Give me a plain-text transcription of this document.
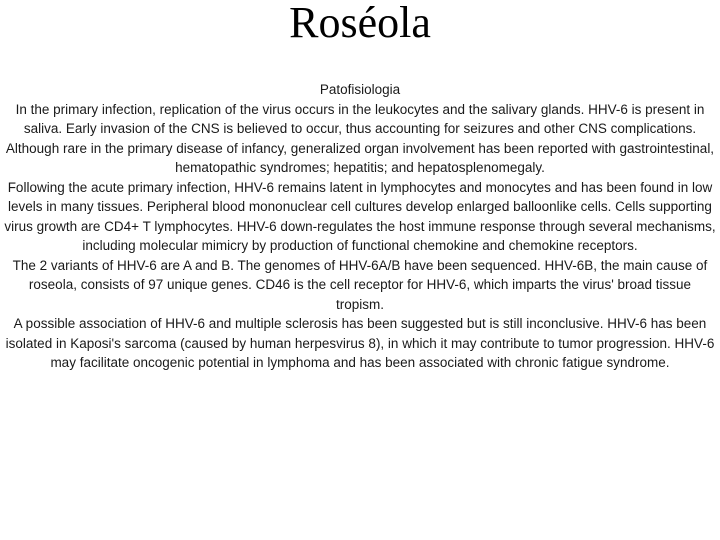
Roséola

Patofisiologia

In the primary infection, replication of the virus occurs in the leukocytes and the salivary glands. HHV-6 is present in saliva. Early invasion of the CNS is believed to occur, thus accounting for seizures and other CNS complications.

Although rare in the primary disease of infancy, generalized organ involvement has been reported with gastrointestinal, hematopathic syndromes; hepatitis; and hepatosplenomegaly.

Following the acute primary infection, HHV-6 remains latent in lymphocytes and monocytes and has been found in low levels in many tissues. Peripheral blood mononuclear cell cultures develop enlarged balloonlike cells. Cells supporting virus growth are CD4+ T lymphocytes. HHV-6 down-regulates the host immune response through several mechanisms, including molecular mimicry by production of functional chemokine and chemokine receptors.

The 2 variants of HHV-6 are A and B. The genomes of HHV-6A/B have been sequenced. HHV-6B, the main cause of roseola, consists of 97 unique genes. CD46 is the cell receptor for HHV-6, which imparts the virus' broad tissue tropism.

A possible association of HHV-6 and multiple sclerosis has been suggested but is still inconclusive. HHV-6 has been isolated in Kaposi's sarcoma (caused by human herpesvirus 8), in which it may contribute to tumor progression. HHV-6 may facilitate oncogenic potential in lymphoma and has been associated with chronic fatigue syndrome.
